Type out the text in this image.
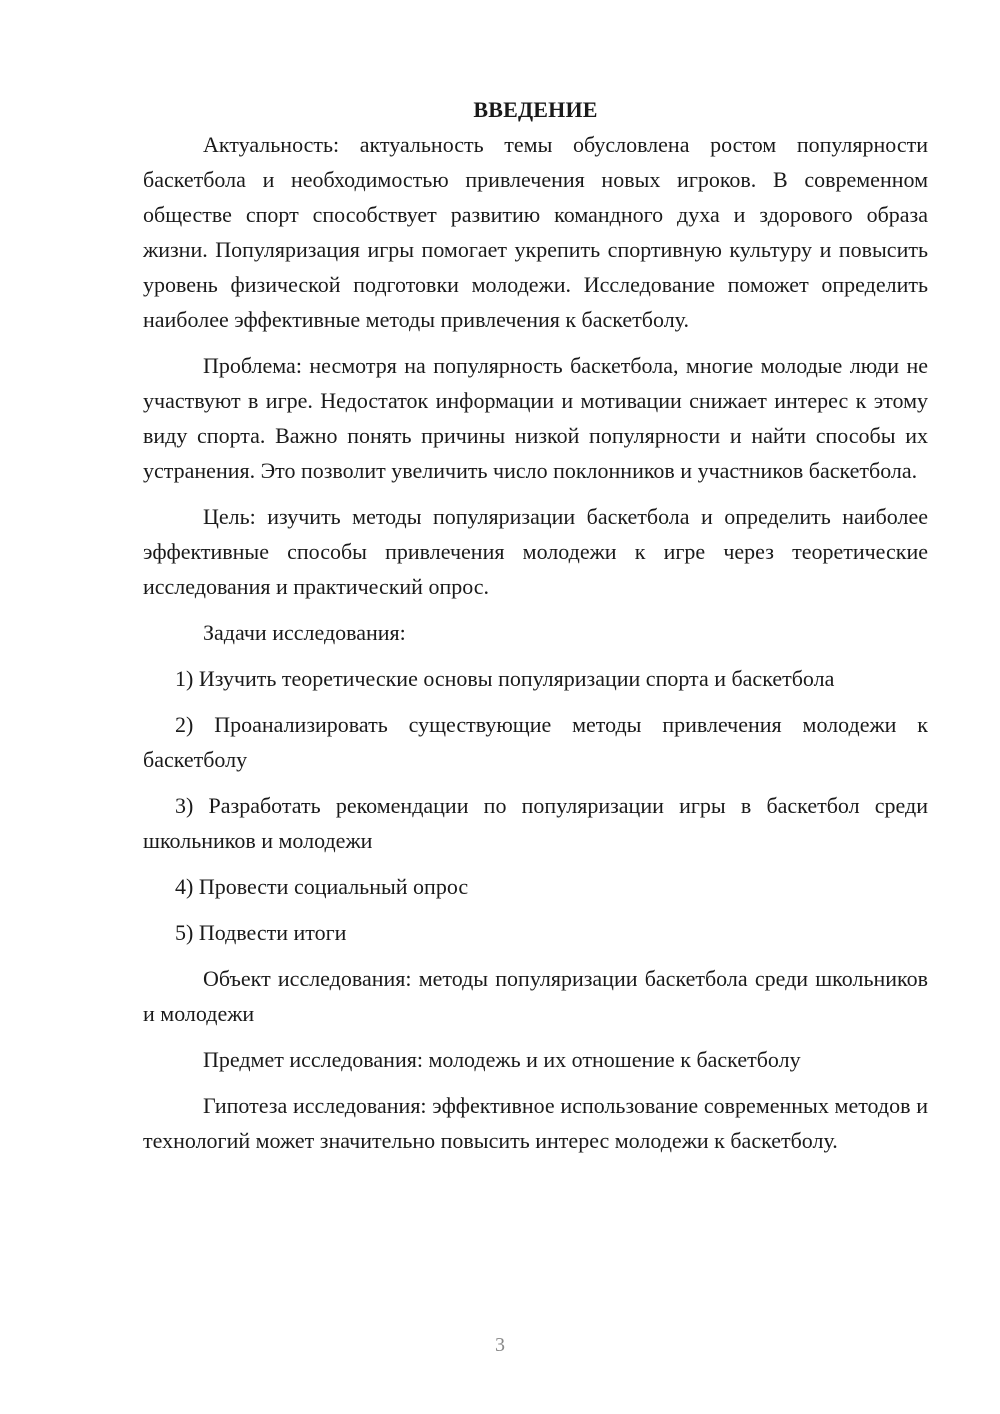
ВВЕДЕНИЕ

Актуальность: актуальность темы обусловлена ростом популярности баскетбола и необходимостью привлечения новых игроков. В современном обществе спорт способствует развитию командного духа и здорового образа жизни. Популяризация игры помогает укрепить спортивную культуру и повысить уровень физической подготовки молодежи. Исследование поможет определить наиболее эффективные методы привлечения к баскетболу.

Проблема: несмотря на популярность баскетбола, многие молодые люди не участвуют в игре. Недостаток информации и мотивации снижает интерес к этому виду спорта. Важно понять причины низкой популярности и найти способы их устранения. Это позволит увеличить число поклонников и участников баскетбола.

Цель: изучить методы популяризации баскетбола и определить наиболее эффективные способы привлечения молодежи к игре через теоретические исследования и практический опрос.

Задачи исследования:

1) Изучить теоретические основы популяризации спорта и баскетбола

2) Проанализировать существующие методы привлечения молодежи к баскетболу

3) Разработать рекомендации по популяризации игры в баскетбол среди школьников и молодежи

4) Провести социальный опрос

5) Подвести итоги

Объект исследования: методы популяризации баскетбола среди школьников и молодежи

Предмет исследования: молодежь и их отношение к баскетболу

Гипотеза исследования: эффективное использование современных методов и технологий может значительно повысить интерес молодежи к баскетболу.

3
